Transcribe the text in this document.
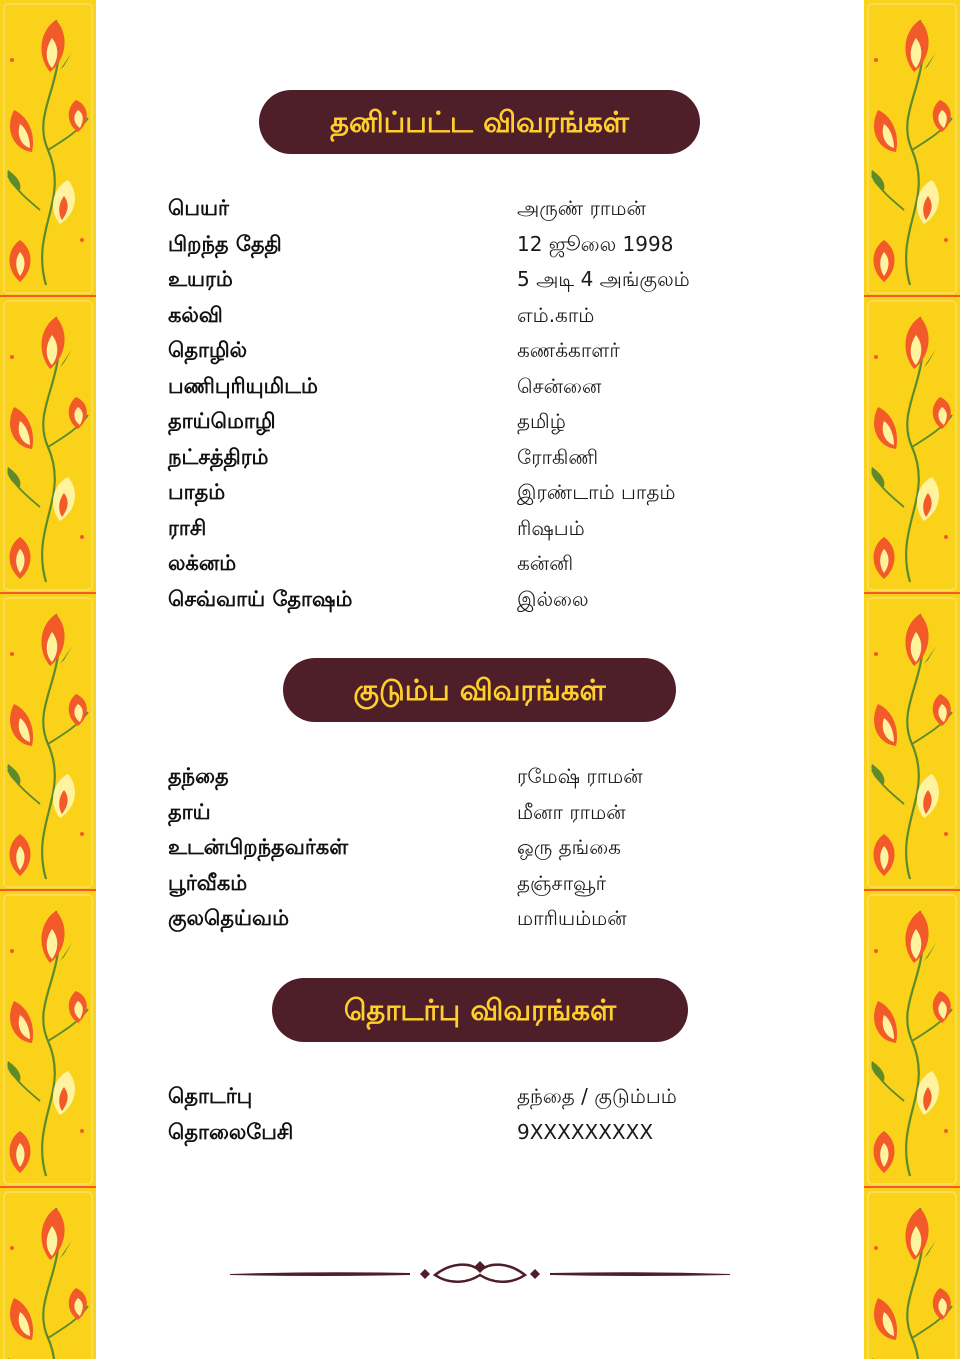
தனிப்பட்ட விவரங்கள்
பெயர்	அருண் ராமன்
பிறந்த தேதி	12 ஜூலை 1998
உயரம்	5 அடி 4 அங்குலம்
கல்வி	எம்.காம்
தொழில்	கணக்காளர்
பணிபுரியுமிடம்	சென்னை
தாய்மொழி	தமிழ்
நட்சத்திரம்	ரோகிணி
பாதம்	இரண்டாம் பாதம்
ராசி	ரிஷபம்
லக்னம்	கன்னி
செவ்வாய் தோஷம்	இல்லை
குடும்ப விவரங்கள்
தந்தை	ரமேஷ் ராமன்
தாய்	மீனா ராமன்
உடன்பிறந்தவர்கள்	ஒரு தங்கை
பூர்வீகம்	தஞ்சாவூர்
குலதெய்வம்	மாரியம்மன்
தொடர்பு விவரங்கள்
தொடர்பு	தந்தை / குடும்பம்
தொலைபேசி	9XXXXXXXXX
